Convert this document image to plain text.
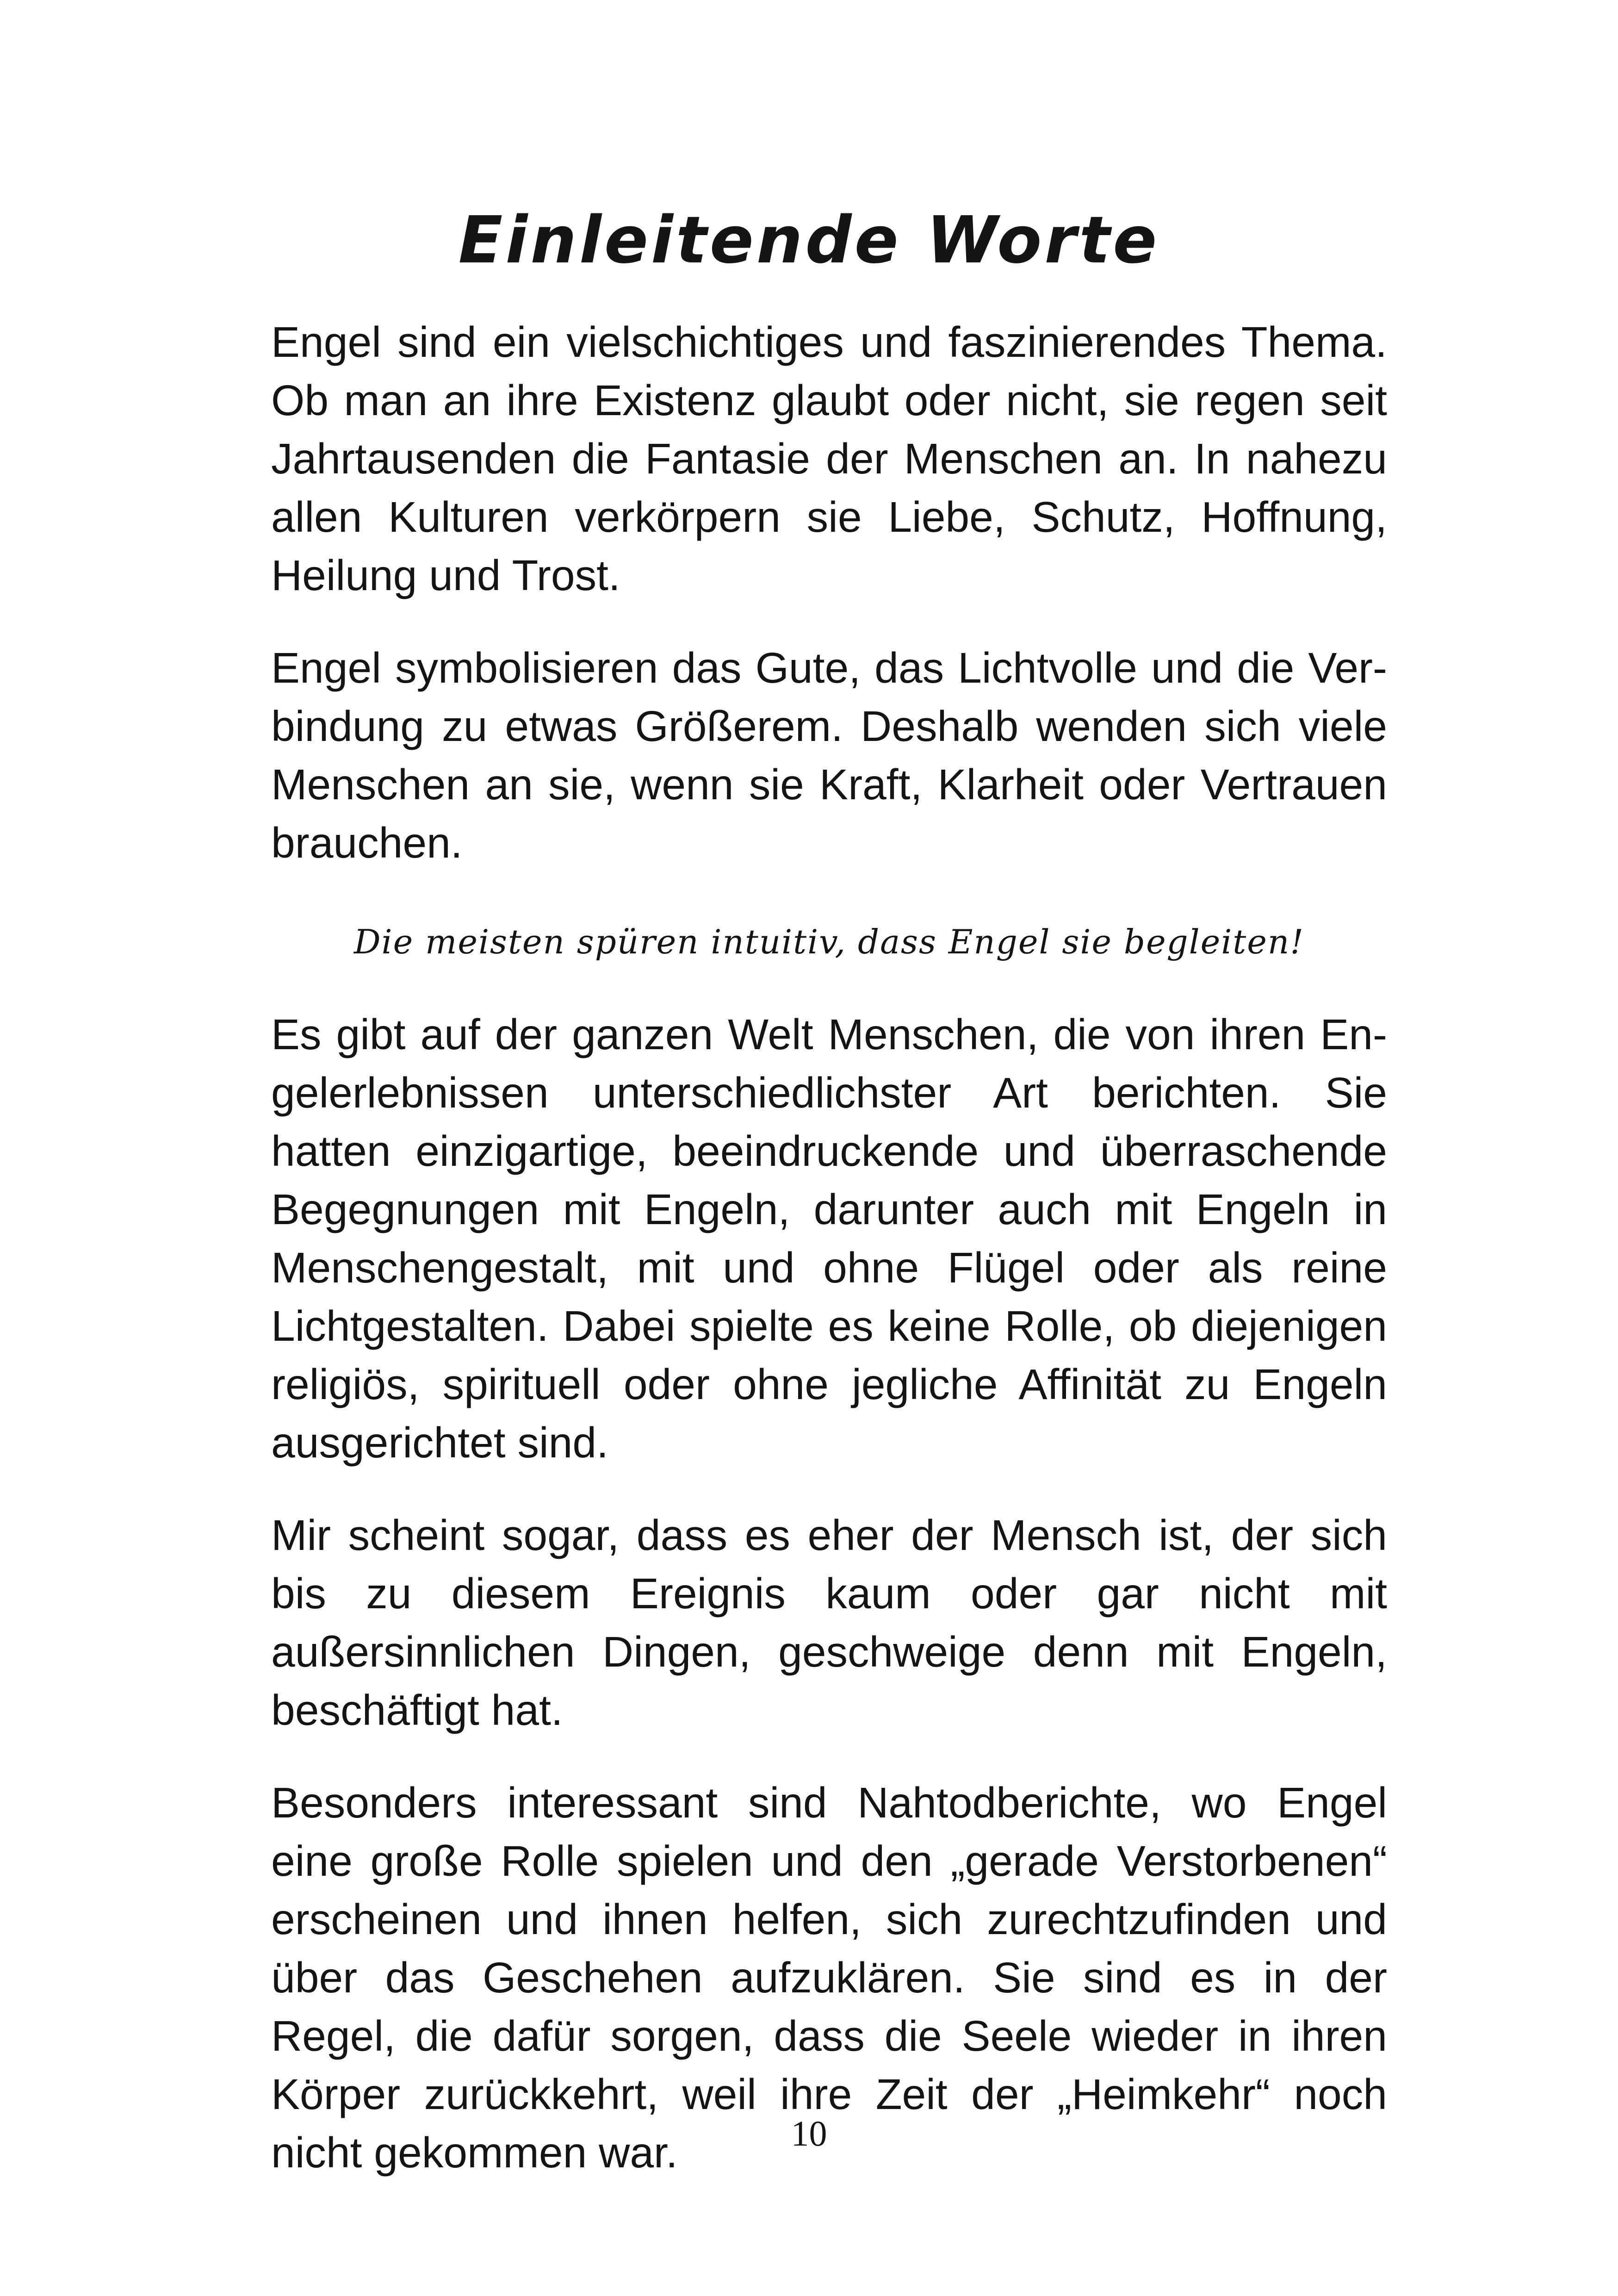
Einleitende Worte

Engel sind ein vielschichtiges und faszinierendes Thema. Ob man an ihre Existenz glaubt oder nicht, sie regen seit Jahrtausenden die Fantasie der Menschen an. In nahezu allen Kulturen verkörpern sie Liebe, Schutz, Hoffnung, Heilung und Trost.

Engel symbolisieren das Gute, das Lichtvolle und die Verbindung zu etwas Größerem. Deshalb wenden sich viele Menschen an sie, wenn sie Kraft, Klarheit oder Vertrauen brauchen.

Die meisten spüren intuitiv, dass Engel sie begleiten!

Es gibt auf der ganzen Welt Menschen, die von ihren Engelerlebnissen unterschiedlichster Art berichten. Sie hatten einzigartige, beeindruckende und überraschende Begegnungen mit Engeln, darunter auch mit Engeln in Menschengestalt, mit und ohne Flügel oder als reine Lichtgestalten. Dabei spielte es keine Rolle, ob diejenigen religiös, spirituell oder ohne jegliche Affinität zu Engeln ausgerichtet sind.

Mir scheint sogar, dass es eher der Mensch ist, der sich bis zu diesem Ereignis kaum oder gar nicht mit außersinnlichen Dingen, geschweige denn mit Engeln, beschäftigt hat.

Besonders interessant sind Nahtodberichte, wo Engel eine große Rolle spielen und den „gerade Verstorbenen“ erscheinen und ihnen helfen, sich zurechtzufinden und über das Geschehen aufzuklären. Sie sind es in der Regel, die dafür sorgen, dass die Seele wieder in ihren Körper zurückkehrt, weil ihre Zeit der „Heimkehr“ noch nicht gekommen war.	10
